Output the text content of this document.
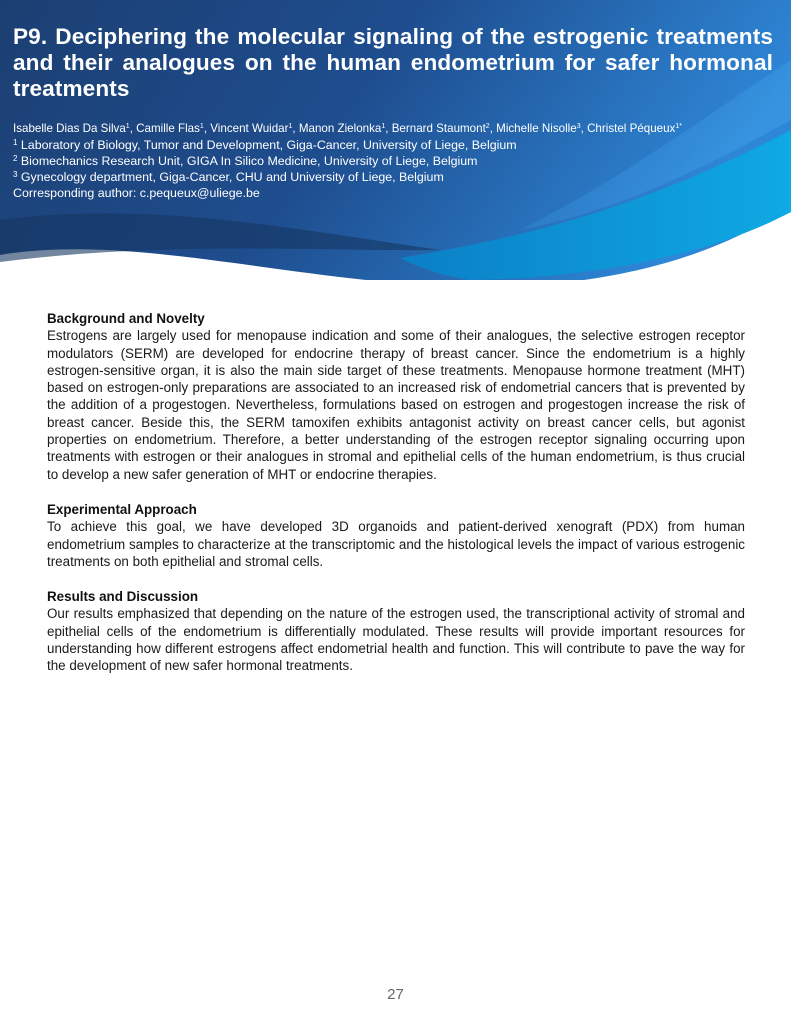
P9. Deciphering the molecular signaling of the estrogenic treatments and their analogues on the human endometrium for safer hormonal treatments
Isabelle Dias Da Silva$^1$, Camille Flas$^1$, Vincent Wuidar$^1$, Manon Zielonka$^1$, Bernard Staumont$^2$, Michelle Nisolle$^3$, Christel Péqueux$^{1*}$
$^1$ Laboratory of Biology, Tumor and Development, Giga-Cancer, University of Liege, Belgium
$^2$ Biomechanics Research Unit, GIGA In Silico Medicine, University of Liege, Belgium
$^3$ Gynecology department, Giga-Cancer, CHU and University of Liege, Belgium
Corresponding author: c.pequeux@uliege.be
Background and Novelty

Estrogens are largely used for menopause indication and some of their analogues, the selective estrogen receptor modulators (SERM) are developed for endocrine therapy of breast cancer. Since the endometrium is a highly estrogen-sensitive organ, it is also the main side target of these treatments. Menopause hormone treatment (MHT) based on estrogen-only preparations are associated to an increased risk of endometrial cancers that is prevented by the addition of a progestogen. Nevertheless, formulations based on estrogen and progestogen increase the risk of breast cancer. Beside this, the SERM tamoxifen exhibits antagonist activity on breast cancer cells, but agonist properties on endometrium. Therefore, a better understanding of the estrogen receptor signaling occurring upon treatments with estrogen or their analogues in stromal and epithelial cells of the human endometrium, is thus crucial to develop a new safer generation of MHT or endocrine therapies.

Experimental Approach

To achieve this goal, we have developed 3D organoids and patient-derived xenograft (PDX) from human endometrium samples to characterize at the transcriptomic and the histological levels the impact of various estrogenic treatments on both epithelial and stromal cells.

Results and Discussion

Our results emphasized that depending on the nature of the estrogen used, the transcriptional activity of stromal and epithelial cells of the endometrium is differentially modulated. These results will provide important resources for understanding how different estrogens affect endometrial health and function. This will contribute to pave the way for the development of new safer hormonal treatments.

27
